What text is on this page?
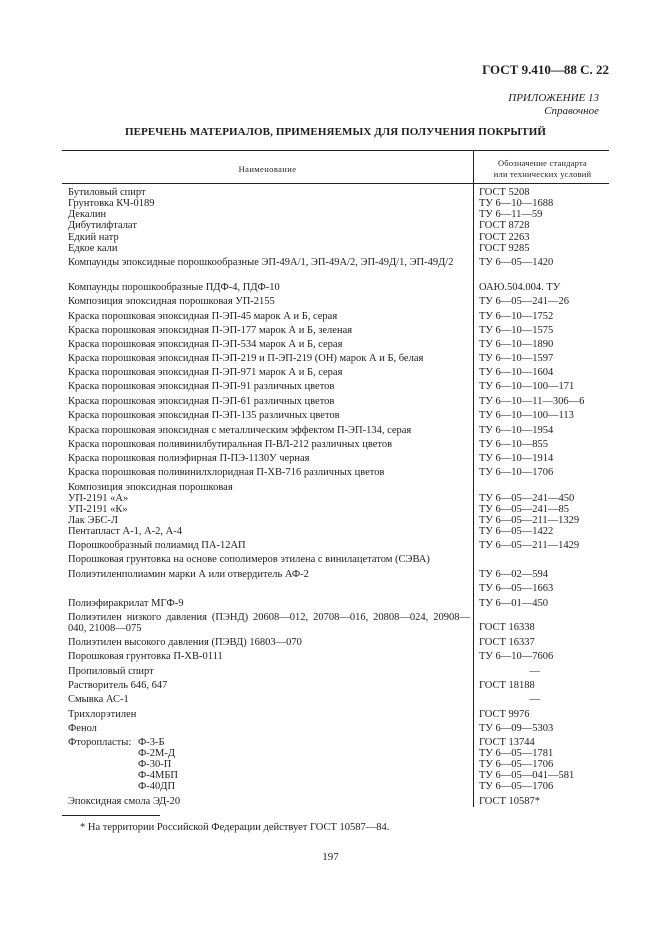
ГОСТ 9.410—88 С. 22
ПРИЛОЖЕНИЕ 13
Справочное
ПЕРЕЧЕНЬ МАТЕРИАЛОВ, ПРИМЕНЯЕМЫХ ДЛЯ ПОЛУЧЕНИЯ ПОКРЫТИЙ
Наименование
Обозначение стандарта
или технических условий
Бутиловый спирт
Грунтовка КЧ-0189
Декалин
Дибутилфталат
Едкий натр
Едкое кали
Компаунды эпоксидные порошкообразные ЭП-49А/1, ЭП-49А/2, ЭП-49Д/1, ЭП-49Д/2
Компаунды порошкообразные ПДФ-4, ПДФ-10
Композиция эпоксидная порошковая УП-2155
Краска порошковая эпоксидная П-ЭП-45 марок А и Б, серая
Краска порошковая эпоксидная П-ЭП-177 марок А и Б, зеленая
Краска порошковая эпоксидная П-ЭП-534 марок А и Б, серая
Краска порошковая эпоксидная П-ЭП-219 и П-ЭП-219 (ОН) марок А и Б, белая
Краска порошковая эпоксидная П-ЭП-971 марок А и Б, серая
Краска порошковая эпоксидная П-ЭП-91 различных цветов
Краска порошковая эпоксидная П-ЭП-61 различных цветов
Краска порошковая эпоксидная П-ЭП-135 различных цветов
Краска порошковая эпоксидная с металлическим эффектом П-ЭП-134, серая
Краска порошковая поливинилбутиральная П-ВЛ-212 различных цветов
Краска порошковая полиэфирная П-ПЭ-1130У черная
Краска порошковая поливинилхлоридная П-ХВ-716 различных цветов
Композиция эпоксидная порошковая
УП-2191 «А»
УП-2191 «К»
Лак ЭБС-Л
Пентапласт А-1, А-2, А-4
Порошкообразный полиамид ПА-12АП
Порошковая грунтовка на основе сополимеров этилена с винилацетатом (СЭВА)
Полиэтиленполиамин марки А или отвердитель АФ-2
Полиэфиракрилат МГФ-9
Полиэтилен низкого давления (ПЭНД) 20608—012, 20708—016, 20808—024, 20908—040, 21008—075
Полиэтилен высокого давления (ПЭВД) 16803—070
Порошковая грунтовка П-ХВ-0111
Пропиловый спирт
Растворитель 646, 647
Смывка АС-1
Трихлорэтилен
Фенол
Фторопласты: Ф-3-Б
Ф-2М-Д
Ф-30-П
Ф-4МБП
Ф-40ДП
Эпоксидная смола ЭД-20
ГОСТ 5208
ТУ 6—10—1688
ТУ 6—11—59
ГОСТ 8728
ГОСТ 2263
ГОСТ 9285
ТУ 6—05—1420
ОАЮ.504.004. ТУ
ТУ 6—05—241—26
ТУ 6—10—1752
ТУ 6—10—1575
ТУ 6—10—1890
ТУ 6—10—1597
ТУ 6—10—1604
ТУ 6—10—100—171
ТУ 6—10—11—306—6
ТУ 6—10—100—113
ТУ 6—10—1954
ТУ 6—10—855
ТУ 6—10—1914
ТУ 6—10—1706
ТУ 6—05—241—450
ТУ 6—05—241—85
ТУ 6—05—211—1329
ТУ 6—05—1422
ТУ 6—05—211—1429
ТУ 6—02—594
ТУ 6—05—1663
ТУ 6—01—450
ГОСТ 16338
ГОСТ 16337
ТУ 6—10—7606
—
ГОСТ 18188
—
ГОСТ 9976
ТУ 6—09—5303
ГОСТ 13744
ТУ 6—05—1781
ТУ 6—05—1706
ТУ 6—05—041—581
ТУ 6—05—1706
ГОСТ 10587*
* На территории Российской Федерации действует ГОСТ 10587—84.
197
